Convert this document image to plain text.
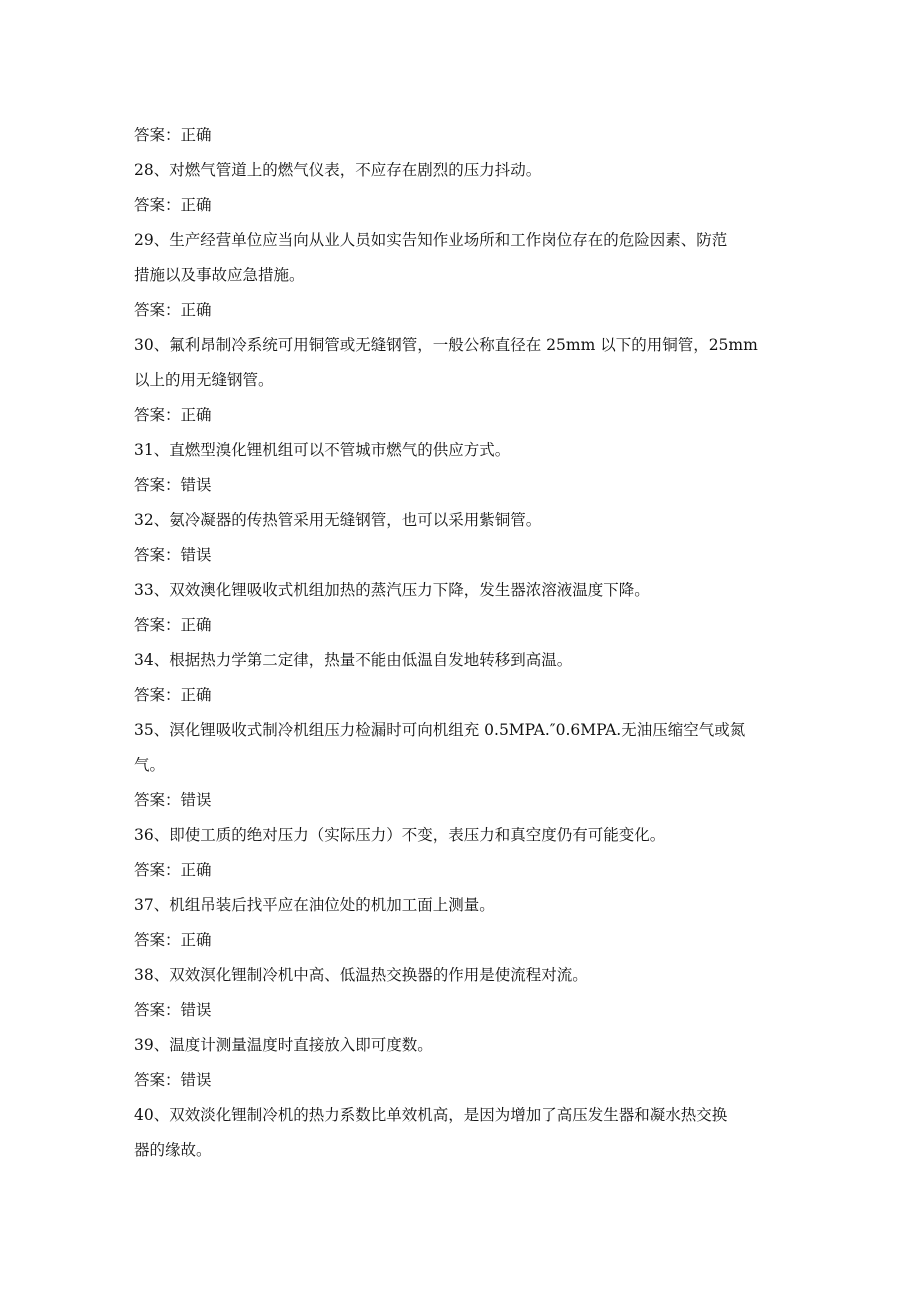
答案：正确
28、对燃气管道上的燃气仪表，不应存在剧烈的压力抖动。
答案：正确
29、生产经营单位应当向从业人员如实告知作业场所和工作岗位存在的危险因素、防范
措施以及事故应急措施。
答案：正确
30、氟利昂制冷系统可用铜管或无缝钢管，一般公称直径在 25mm 以下的用铜管，25mm
以上的用无缝钢管。
答案：正确
31、直燃型溴化锂机组可以不管城市燃气的供应方式。
答案：错误
32、氨冷凝器的传热管采用无缝钢管，也可以采用紫铜管。
答案：错误
33、双效澳化锂吸收式机组加热的蒸汽压力下降，发生器浓溶液温度下降。
答案：正确
34、根据热力学第二定律，热量不能由低温自发地转移到高温。
答案：正确
35、溟化锂吸收式制冷机组压力检漏时可向机组充 0.5MPA.″0.6MPA.无油压缩空气或氮
气。
答案：错误
36、即使工质的绝对压力（实际压力）不变，表压力和真空度仍有可能变化。
答案：正确
37、机组吊装后找平应在油位处的机加工面上测量。
答案：正确
38、双效溟化锂制冷机中高、低温热交换器的作用是使流程对流。
答案：错误
39、温度计测量温度时直接放入即可度数。
答案：错误
40、双效淡化锂制冷机的热力系数比单效机高，是因为增加了高压发生器和凝水热交换
器的缘故。
